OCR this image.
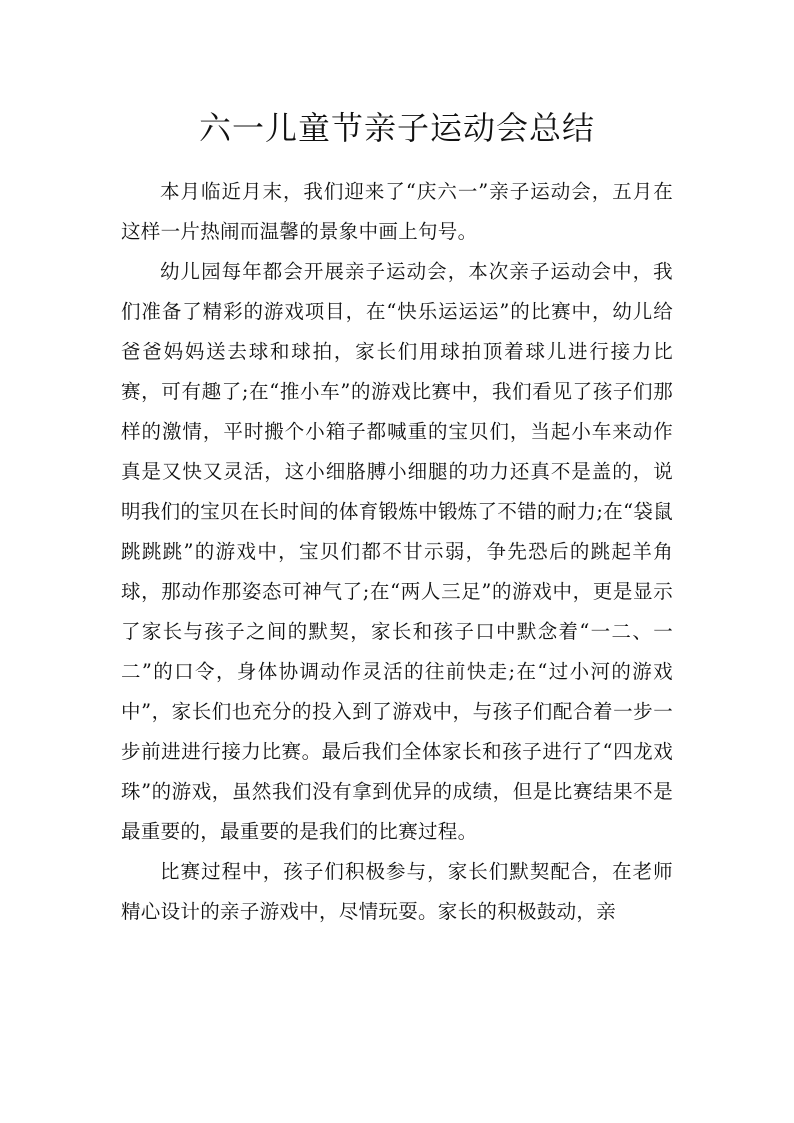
六一儿童节亲子运动会总结

本月临近月末，我们迎来了“庆六一”亲子运动会，五月在这样一片热闹而温馨的景象中画上句号。

幼儿园每年都会开展亲子运动会，本次亲子运动会中，我们准备了精彩的游戏项目，在“快乐运运运”的比赛中，幼儿给爸爸妈妈送去球和球拍，家长们用球拍顶着球儿进行接力比赛，可有趣了;在“推小车”的游戏比赛中，我们看见了孩子们那样的激情，平时搬个小箱子都喊重的宝贝们，当起小车来动作真是又快又灵活，这小细胳膊小细腿的功力还真不是盖的，说明我们的宝贝在长时间的体育锻炼中锻炼了不错的耐力;在“袋鼠跳跳跳”的游戏中，宝贝们都不甘示弱，争先恐后的跳起羊角球，那动作那姿态可神气了;在“两人三足”的游戏中，更是显示了家长与孩子之间的默契，家长和孩子口中默念着“一二、一二”的口令，身体协调动作灵活的往前快走;在“过小河的游戏中”，家长们也充分的投入到了游戏中，与孩子们配合着一步一步前进进行接力比赛。最后我们全体家长和孩子进行了“四龙戏珠”的游戏，虽然我们没有拿到优异的成绩，但是比赛结果不是最重要的，最重要的是我们的比赛过程。

比赛过程中，孩子们积极参与，家长们默契配合，在老师精心设计的亲子游戏中，尽情玩耍。家长的积极鼓动，亲
